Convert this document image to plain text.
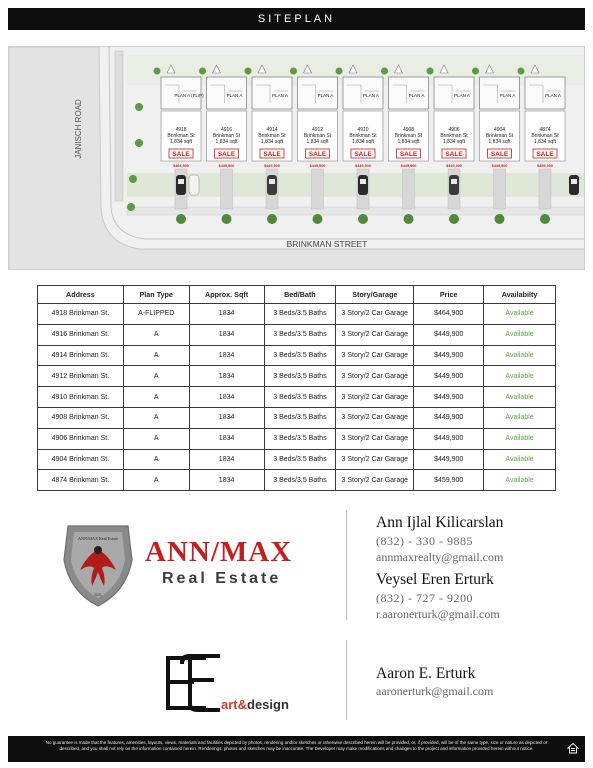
SITEPLAN
PLAN A (FLIP)
4918
Brinkman St
1,834 sqft
SALE
$464,900
PLAN A
4916
Brinkman St
1,834 sqft
SALE
$449,900
PLAN A
4914
Brinkman St
1,834 sqft
SALE
$449,900
PLAN A
4912
Brinkman St
1,834 sqft
SALE
$449,900
PLAN A
4910
Brinkman St
1,834 sqft
SALE
$449,900
PLAN A
4908
Brinkman St
1,834 sqft
SALE
$449,900
PLAN A
4906
Brinkman St
1,834 sqft
SALE
$449,900
PLAN A
4904
Brinkman St
1,834 sqft
SALE
$449,900
PLAN A
4874
Brinkman St
1,834 sqft
SALE
$459,900
JANISCH ROAD
BRINKMAN STREET
Address	Plan Type	Approx. Sqft	Bed/Bath	Story/Garage	Price	Availabilty
4918 Brinkman St.	A-FLIPPED	1834	3 Beds/3.5 Baths	3 Story/2 Car Garage	$464,900	Available
4916 Brinkman St.	A	1834	3 Beds/3.5 Baths	3 Story/2 Car Garage	$449,900	Available
4914 Brinkman St.	A	1834	3 Beds/3.5 Baths	3 Story/2 Car Garage	$449,900	Available
4912 Brinkman St.	A	1834	3 Beds/3.5 Baths	3 Story/2 Car Garage	$449,900	Available
4910 Brinkman St.	A	1834	3 Beds/3.5 Baths	3 Story/2 Car Garage	$449,900	Available
4908 Brinkman St.	A	1834	3 Beds/3.5 Baths	3 Story/2 Car Garage	$449,900	Available
4906 Brinkman St.	A	1834	3 Beds/3.5 Baths	3 Story/2 Car Garage	$449,900	Available
4904 Brinkman St.	A	1834	3 Beds/3.5 Baths	3 Story/2 Car Garage	$449,900	Available
4874 Brinkman St.	A	1834	3 Beds/3.5 Baths	3 Story/2 Car Garage	$459,900	Available
ANN/MAX Real Estate
2021
ANN/MAX
Real Estate
Ann Ijlal Kilicarslan
(832) - 330 - 9885
annmaxrealty@gmail.com
Veysel Eren Erturk
(832) - 727 - 9200
r.aaronerturk@gmail.com
Aaron E. Erturk
aaronerturk@gmail.com
art&design
No guarantee is made that the features, amenities, layouts, views, materials and facilities depicted by photos, rendering and/or sketches or otherwise described herein will be provided, or, if provided, will be of the same type, size or nature as depicted or described, and you shall not rely on the information contained herein. Renderings, photos and sketches may be inaccurate. The Developer may make modifications and changes to the project and information provided herein without notice.
